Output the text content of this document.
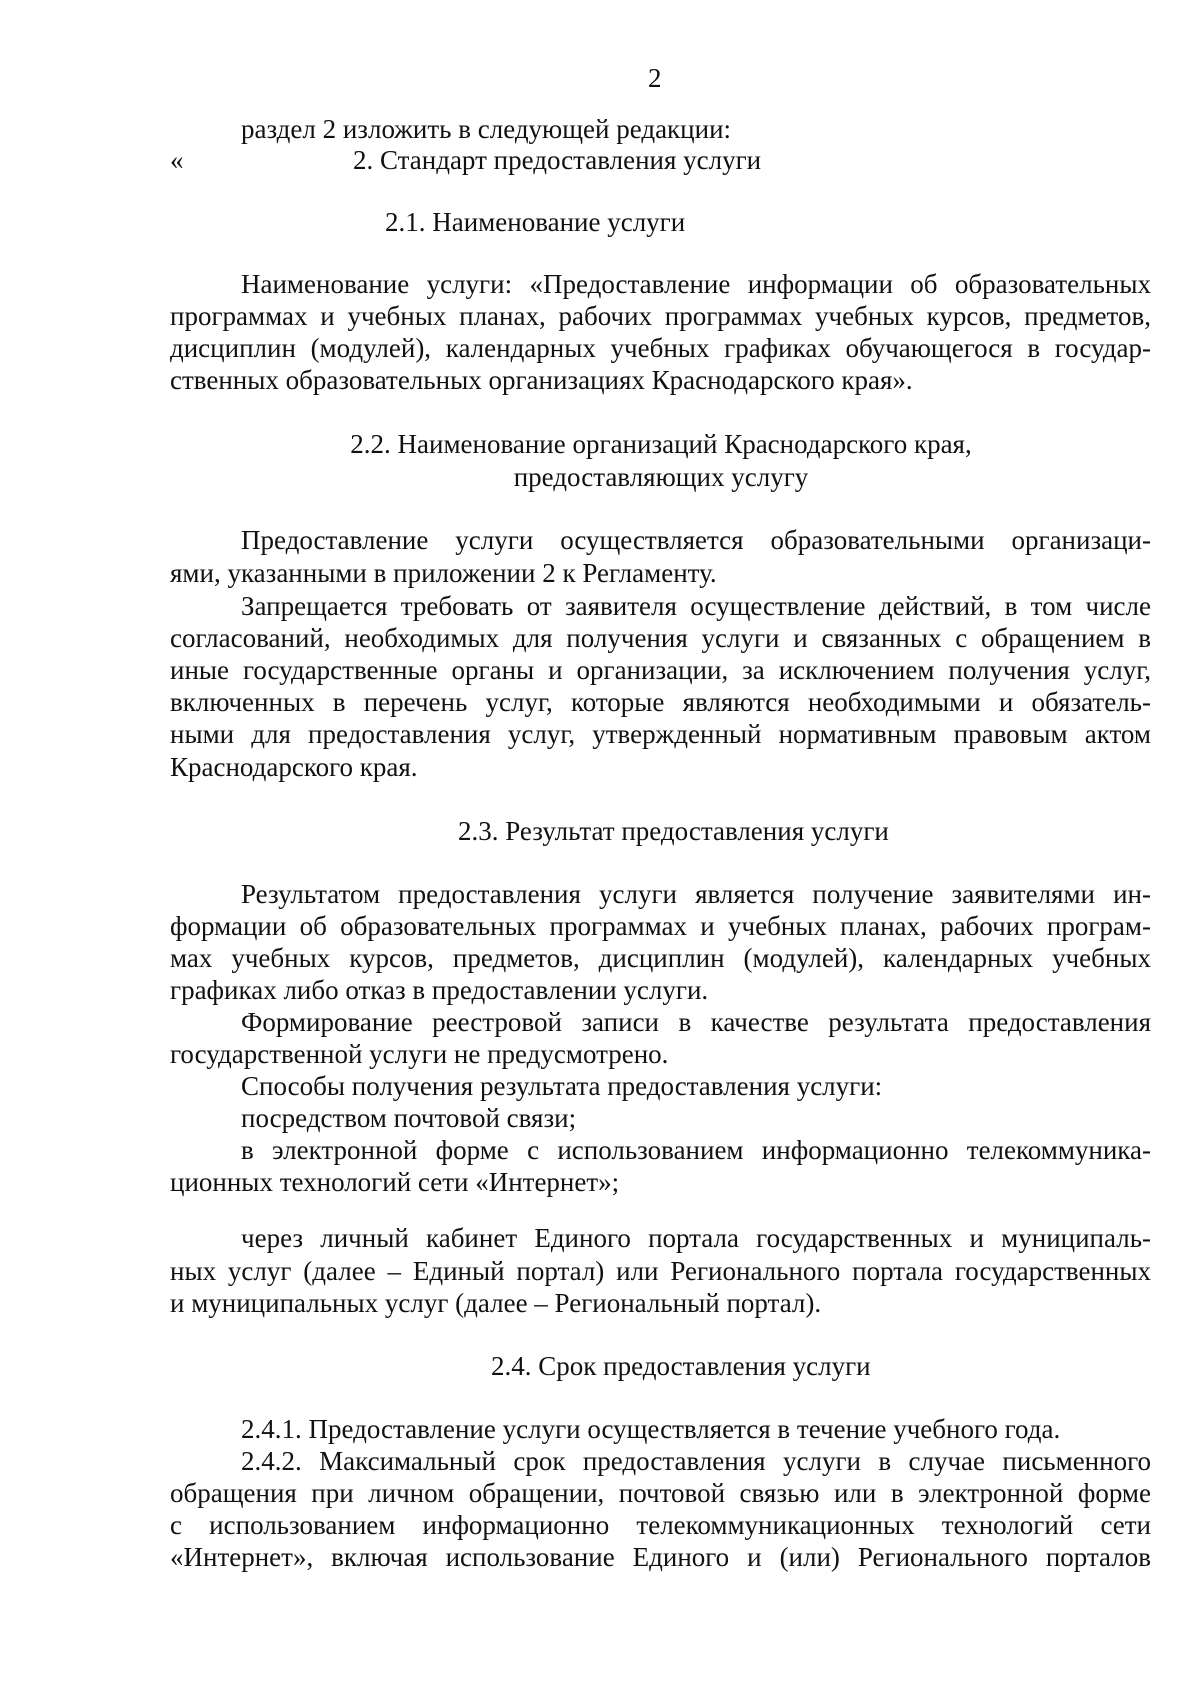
2
раздел 2 изложить в следующей редакции:
«	2. Стандарт предоставления услуги
2.1. Наименование услуги
Наименование услуги: «Предоставление информации об образовательных
программах и учебных планах, рабочих программах учебных курсов, предметов,
дисциплин (модулей), календарных учебных графиках обучающегося в государ-
ственных образовательных организациях Краснодарского края».
2.2. Наименование организаций Краснодарского края,
предоставляющих услугу
Предоставление услуги осуществляется образовательными организаци-
ями, указанными в приложении 2 к Регламенту.
Запрещается требовать от заявителя осуществление действий, в том числе
согласований, необходимых для получения услуги и связанных с обращением в
иные государственные органы и организации, за исключением получения услуг,
включенных в перечень услуг, которые являются необходимыми и обязатель-
ными для предоставления услуг, утвержденный нормативным правовым актом
Краснодарского края.
2.3. Результат предоставления услуги
Результатом предоставления услуги является получение заявителями ин-
формации об образовательных программах и учебных планах, рабочих програм-
мах учебных курсов, предметов, дисциплин (модулей), календарных учебных
графиках либо отказ в предоставлении услуги.
Формирование реестровой записи в качестве результата предоставления
государственной услуги не предусмотрено.
Способы получения результата предоставления услуги:
посредством почтовой связи;
в электронной форме с использованием информационно телекоммуника-
ционных технологий сети «Интернет»;
через личный кабинет Единого портала государственных и муниципаль-
ных услуг (далее – Единый портал) или Регионального портала государственных
и муниципальных услуг (далее – Региональный портал).
2.4. Срок предоставления услуги
2.4.1. Предоставление услуги осуществляется в течение учебного года.
2.4.2. Максимальный срок предоставления услуги в случае письменного
обращения при личном обращении, почтовой связью или в электронной форме
с использованием информационно телекоммуникационных технологий сети
«Интернет», включая использование Единого и (или) Регионального порталов
